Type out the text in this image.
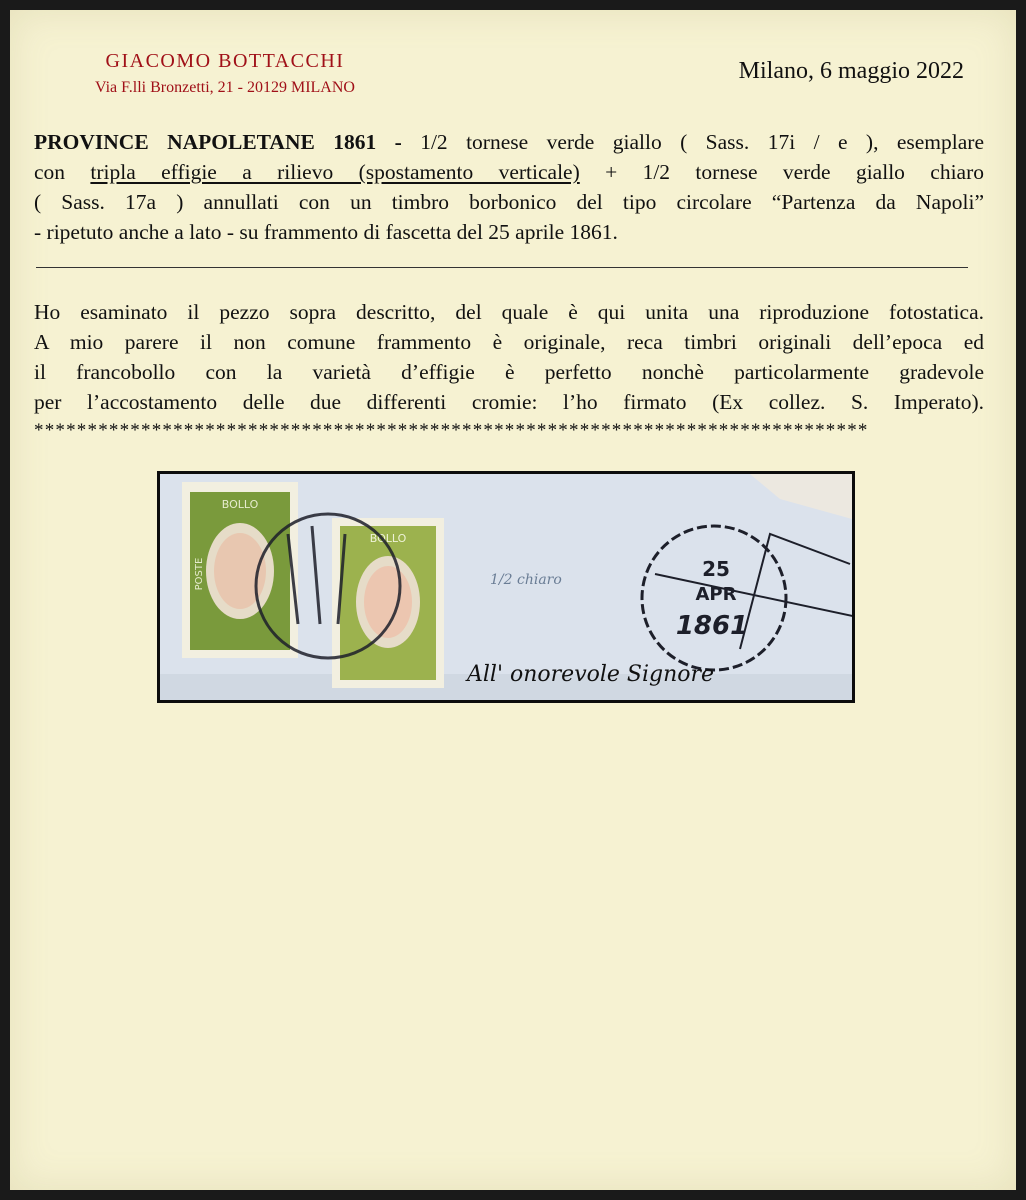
GIACOMO BOTTACCHI
Via F.lli Bronzetti, 21 - 20129 MILANO
Milano, 6 maggio 2022
PROVINCE NAPOLETANE 1861 - 1/2 tornese verde giallo ( Sass. 17i / e ), esemplare
con tripla effigie a rilievo (spostamento verticale) + 1/2 tornese verde giallo chiaro
( Sass. 17a ) annullati con un timbro borbonico del tipo circolare “Partenza da Napoli”
- ripetuto anche a lato - su frammento di fascetta del 25 aprile 1861.
Ho esaminato il pezzo sopra descritto, del quale è qui unita una riproduzione fotostatica.
A mio parere il non comune frammento è originale, reca timbri originali dell’epoca ed
il francobollo con la varietà d’effigie è perfetto nonchè particolarmente gradevole
per l’accostamento delle due differenti cromie: l’ho firmato (Ex collez. S. Imperato).
******************************************************************************
BOLLO
POSTE
BOLLO
1/2 chiaro	25
APR
1861
All' onorevole Signore
